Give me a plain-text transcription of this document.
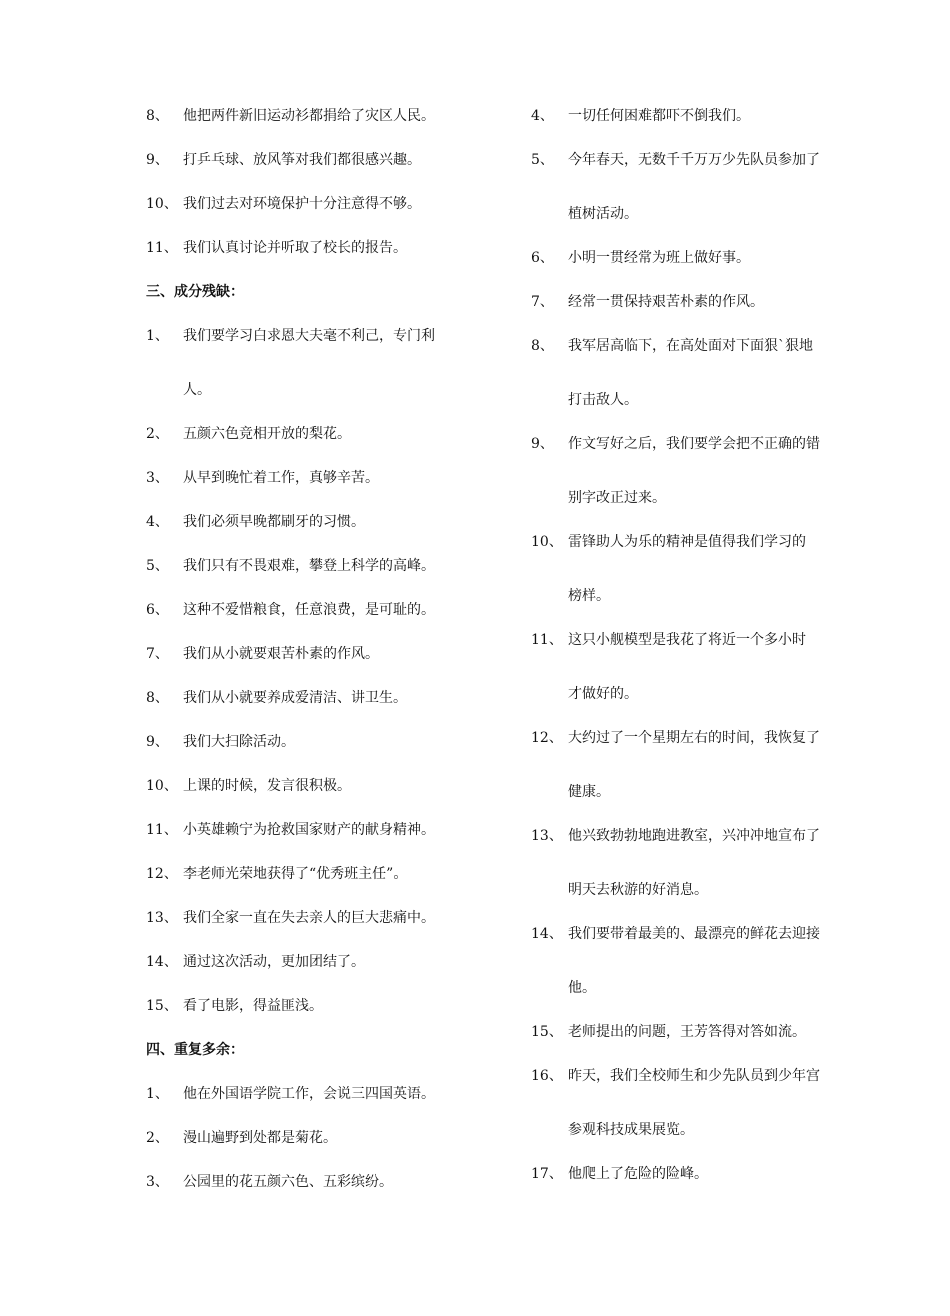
8、	他把两件新旧运动衫都捐给了灾区人民。
9、	打乒乓球、放风筝对我们都很感兴趣。
10、 我们过去对环境保护十分注意得不够。
11、 我们认真讨论并听取了校长的报告。
三、成分残缺：
1、	我们要学习白求恩大夫毫不利己，专门利
人。
2、	五颜六色竞相开放的梨花。
3、	从早到晚忙着工作，真够辛苦。
4、	我们必须早晚都刷牙的习惯。
5、	我们只有不畏艰难，攀登上科学的高峰。
6、	这种不爱惜粮食，任意浪费，是可耻的。
7、	我们从小就要艰苦朴素的作风。
8、	我们从小就要养成爱清洁、讲卫生。
9、	我们大扫除活动。
10、 上课的时候，发言很积极。
11、 小英雄赖宁为抢救国家财产的献身精神。
12、 李老师光荣地获得了“优秀班主任”。
13、 我们全家一直在失去亲人的巨大悲痛中。
14、 通过这次活动，更加团结了。
15、 看了电影，得益匪浅。
四、重复多余：
1、	他在外国语学院工作，会说三四国英语。
2、	漫山遍野到处都是菊花。
3、	公园里的花五颜六色、五彩缤纷。
4、	一切任何困难都吓不倒我们。
5、	今年春天，无数千千万万少先队员参加了
植树活动。
6、	小明一贯经常为班上做好事。
7、	经常一贯保持艰苦朴素的作风。
8、	我军居高临下，在高处面对下面狠`狠地
打击敌人。
9、	作文写好之后，我们要学会把不正确的错
别字改正过来。
10、 雷锋助人为乐的精神是值得我们学习的
榜样。
11、 这只小舰模型是我花了将近一个多小时
才做好的。
12、 大约过了一个星期左右的时间，我恢复了
健康。
13、 他兴致勃勃地跑进教室，兴冲冲地宣布了
明天去秋游的好消息。
14、 我们要带着最美的、最漂亮的鲜花去迎接
他。
15、 老师提出的问题，王芳答得对答如流。
16、 昨天，我们全校师生和少先队员到少年宫
参观科技成果展览。
17、 他爬上了危险的险峰。
